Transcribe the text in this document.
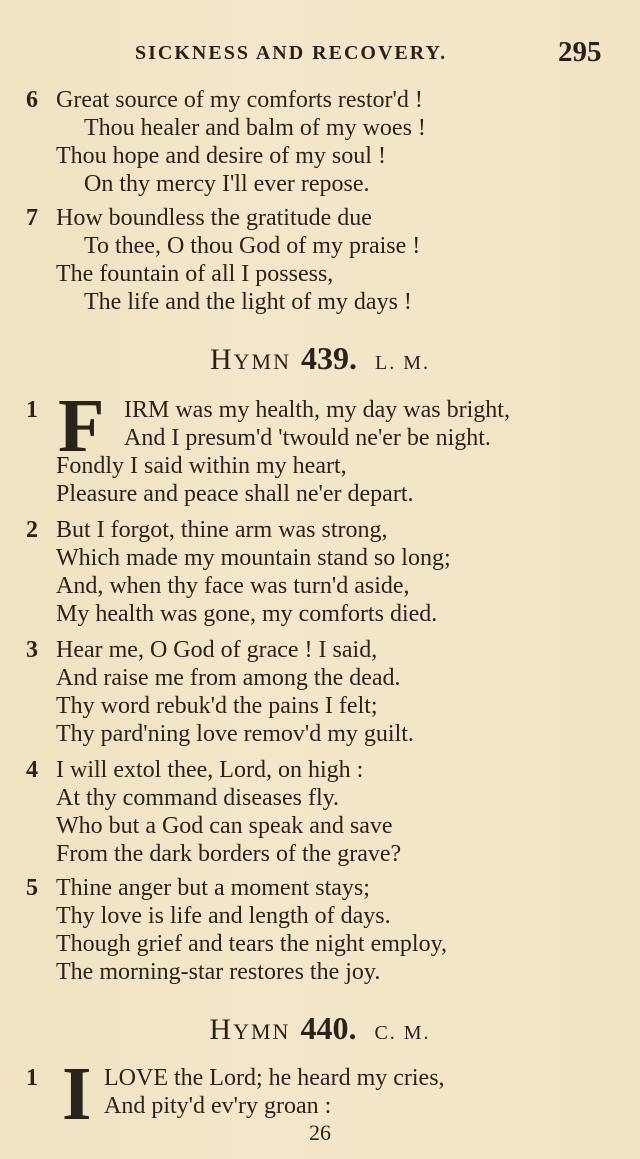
SICKNESS AND RECOVERY.	295
6 Great source of my comforts restor'd !
Thou healer and balm of my woes !
Thou hope and desire of my soul !
On thy mercy I'll ever repose.
7 How boundless the gratitude due
To thee, O thou God of my praise !
The fountain of all I possess,
The life and the light of my days !
HYMN 439. L. M.
1 F IRM was my health, my day was bright,
And I presum'd 'twould ne'er be night.
Fondly I said within my heart,
Pleasure and peace shall ne'er depart.
2 But I forgot, thine arm was strong,
Which made my mountain stand so long;
And, when thy face was turn'd aside,
My health was gone, my comforts died.
3 Hear me, O God of grace ! I said,
And raise me from among the dead.
Thy word rebuk'd the pains I felt;
Thy pard'ning love remov'd my guilt.
4 I will extol thee, Lord, on high :
At thy command diseases fly.
Who but a God can speak and save
From the dark borders of the grave?
5 Thine anger but a moment stays;
Thy love is life and length of days.
Though grief and tears the night employ,
The morning-star restores the joy.
HYMN 440. C. M.
1 I LOVE the Lord; he heard my cries,
And pity'd ev'ry groan :
26
